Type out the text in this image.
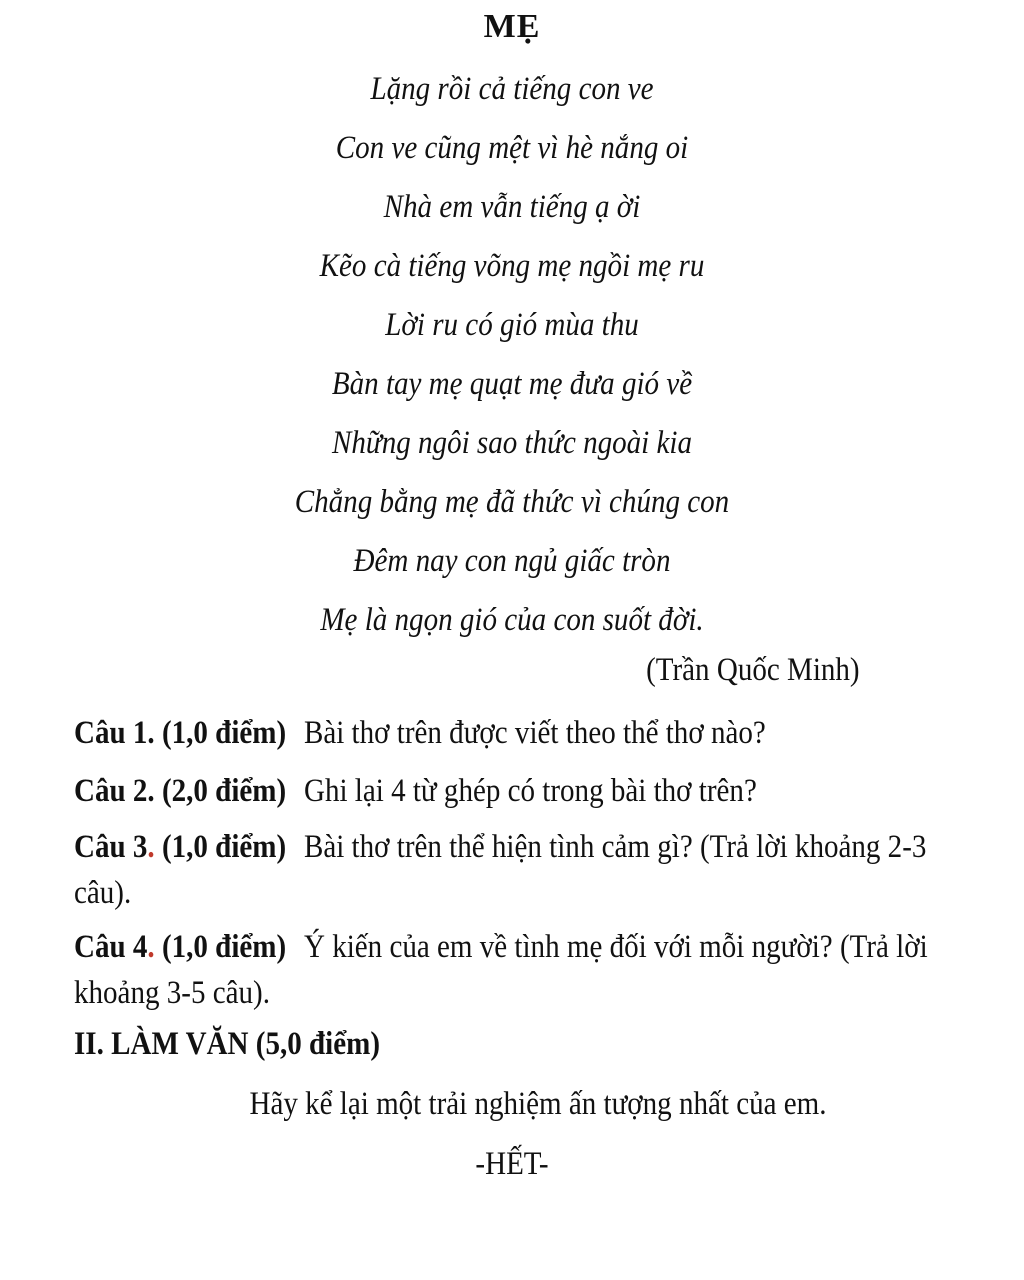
MẸ
Lặng rồi cả tiếng con ve
Con ve cũng mệt vì hè nắng oi
Nhà em vẫn tiếng ạ ời
Kẽo cà tiếng võng mẹ ngồi mẹ ru
Lời ru có gió mùa thu
Bàn tay mẹ quạt mẹ đưa gió về
Những ngôi sao thức ngoài kia
Chẳng bằng mẹ đã thức vì chúng con
Đêm nay con ngủ giấc tròn
Mẹ là ngọn gió của con suốt đời.
(Trần Quốc Minh)
Câu 1. (1,0 điểm) Bài thơ trên được viết theo thể thơ nào?
Câu 2. (2,0 điểm) Ghi lại 4 từ ghép có trong bài thơ trên?
Câu 3. (1,0 điểm) Bài thơ trên thể hiện tình cảm gì? (Trả lời khoảng 2-3 câu).
Câu 4. (1,0 điểm) Ý kiến của em về tình mẹ đối với mỗi người? (Trả lời khoảng 3-5 câu).
II. LÀM VĂN (5,0 điểm)
Hãy kể lại một trải nghiệm ấn tượng nhất của em.
-HẾT-
